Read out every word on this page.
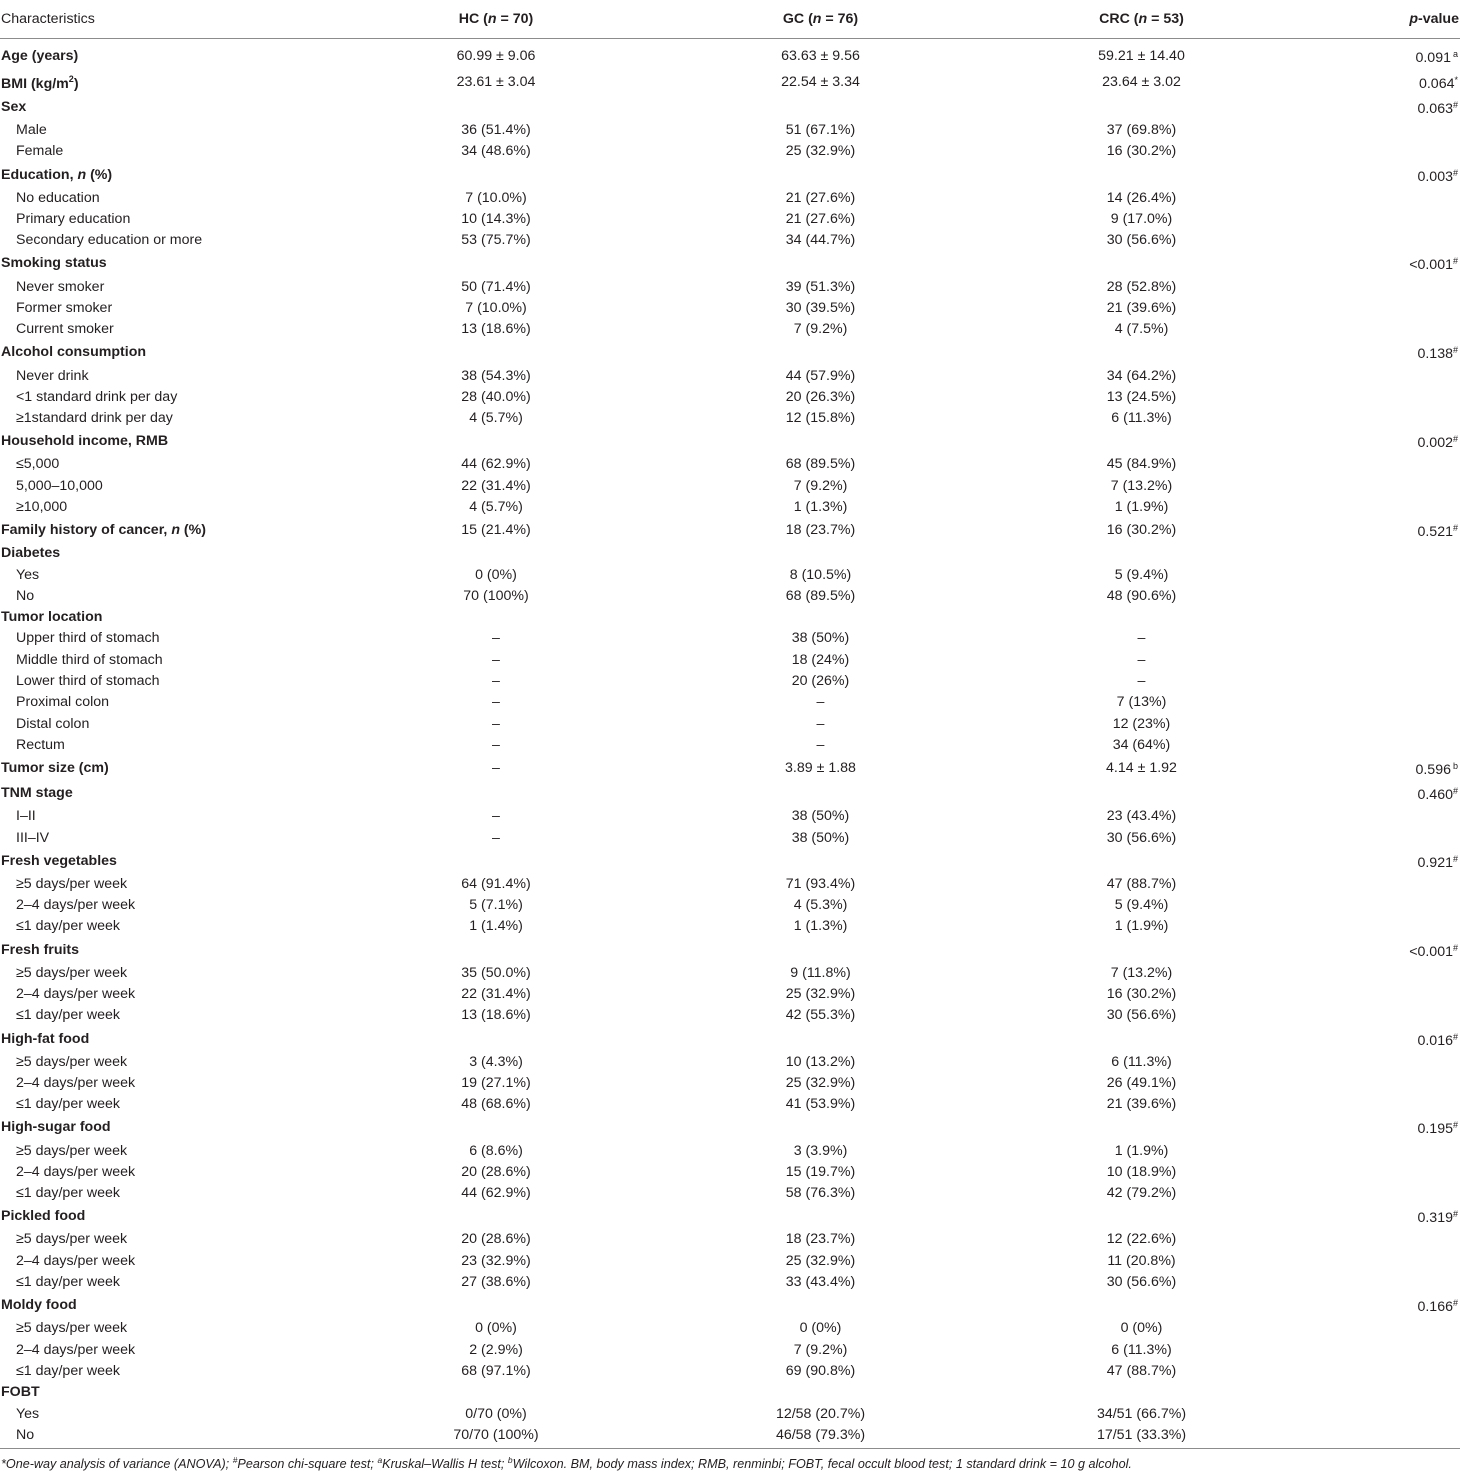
Characteristics	HC (n = 70)	GC (n = 76)	CRC (n = 53)	p-value
Age (years)	60.99 ± 9.06	63.63 ± 9.56	59.21 ± 14.40	0.091 $^a$
BMI $(kg/m^2)$	23.61 ± 3.04	22.54 ± 3.34	23.64 ± 3.02	0.064*
Sex				0.063#
Male	36 (51.4%)	51 (67.1%)	37 (69.8%)	
Female	34 (48.6%)	25 (32.9%)	16 (30.2%)	
Education, n (%)				0.003#
No education	7 (10.0%)	21 (27.6%)	14 (26.4%)	
Primary education	10 (14.3%)	21 (27.6%)	9 (17.0%)	
Secondary education or more	53 (75.7%)	34 (44.7%)	30 (56.6%)	
Smoking status				<0.001#
Never smoker	50 (71.4%)	39 (51.3%)	28 (52.8%)	
Former smoker	7 (10.0%)	30 (39.5%)	21 (39.6%)	
Current smoker	13 (18.6%)	7 (9.2%)	4 (7.5%)	
Alcohol consumption				0.138#
Never drink	38 (54.3%)	44 (57.9%)	34 (64.2%)	
<1 standard drink per day	28 (40.0%)	20 (26.3%)	13 (24.5%)	
≥1standard drink per day	4 (5.7%)	12 (15.8%)	6 (11.3%)	
Household income, RMB				0.002#
≤5,000	44 (62.9%)	68 (89.5%)	45 (84.9%)	
5,000–10,000	22 (31.4%)	7 (9.2%)	7 (13.2%)	
≥10,000	4 (5.7%)	1 (1.3%)	1 (1.9%)	
Family history of cancer, n (%)	15 (21.4%)	18 (23.7%)	16 (30.2%)	0.521#
Diabetes				
Yes	0 (0%)	8 (10.5%)	5 (9.4%)	
No	70 (100%)	68 (89.5%)	48 (90.6%)	
Tumor location				
Upper third of stomach	–	38 (50%)	–	
Middle third of stomach	–	18 (24%)	–	
Lower third of stomach	–	20 (26%)	–	
Proximal colon	–	–	7 (13%)	
Distal colon	–	–	12 (23%)	
Rectum	–	–	34 (64%)	
Tumor size (cm)	–	3.89 ± 1.88	4.14 ± 1.92	0.596 $^b$
TNM stage				0.460#
I–II	–	38 (50%)	23 (43.4%)	
III–IV	–	38 (50%)	30 (56.6%)	
Fresh vegetables				0.921#
≥5 days/per week	64 (91.4%)	71 (93.4%)	47 (88.7%)	
2–4 days/per week	5 (7.1%)	4 (5.3%)	5 (9.4%)	
≤1 day/per week	1 (1.4%)	1 (1.3%)	1 (1.9%)	
Fresh fruits				<0.001#
≥5 days/per week	35 (50.0%)	9 (11.8%)	7 (13.2%)	
2–4 days/per week	22 (31.4%)	25 (32.9%)	16 (30.2%)	
≤1 day/per week	13 (18.6%)	42 (55.3%)	30 (56.6%)	
High-fat food				0.016#
≥5 days/per week	3 (4.3%)	10 (13.2%)	6 (11.3%)	
2–4 days/per week	19 (27.1%)	25 (32.9%)	26 (49.1%)	
≤1 day/per week	48 (68.6%)	41 (53.9%)	21 (39.6%)	
High-sugar food				0.195#
≥5 days/per week	6 (8.6%)	3 (3.9%)	1 (1.9%)	
2–4 days/per week	20 (28.6%)	15 (19.7%)	10 (18.9%)	
≤1 day/per week	44 (62.9%)	58 (76.3%)	42 (79.2%)	
Pickled food				0.319#
≥5 days/per week	20 (28.6%)	18 (23.7%)	12 (22.6%)	
2–4 days/per week	23 (32.9%)	25 (32.9%)	11 (20.8%)	
≤1 day/per week	27 (38.6%)	33 (43.4%)	30 (56.6%)	
Moldy food				0.166#
≥5 days/per week	0 (0%)	0 (0%)	0 (0%)	
2–4 days/per week	2 (2.9%)	7 (9.2%)	6 (11.3%)	
≤1 day/per week	68 (97.1%)	69 (90.8%)	47 (88.7%)	
FOBT				
Yes	0/70 (0%)	12/58 (20.7%)	34/51 (66.7%)	
No	70/70 (100%)	46/58 (79.3%)	17/51 (33.3%)	
*One-way analysis of variance (ANOVA); #Pearson chi-square test; $^a$Kruskal–Wallis H test; $^b$Wilcoxon. BM, body mass index; RMB, renminbi; FOBT, fecal occult blood test; 1 standard drink = 10 g alcohol.
